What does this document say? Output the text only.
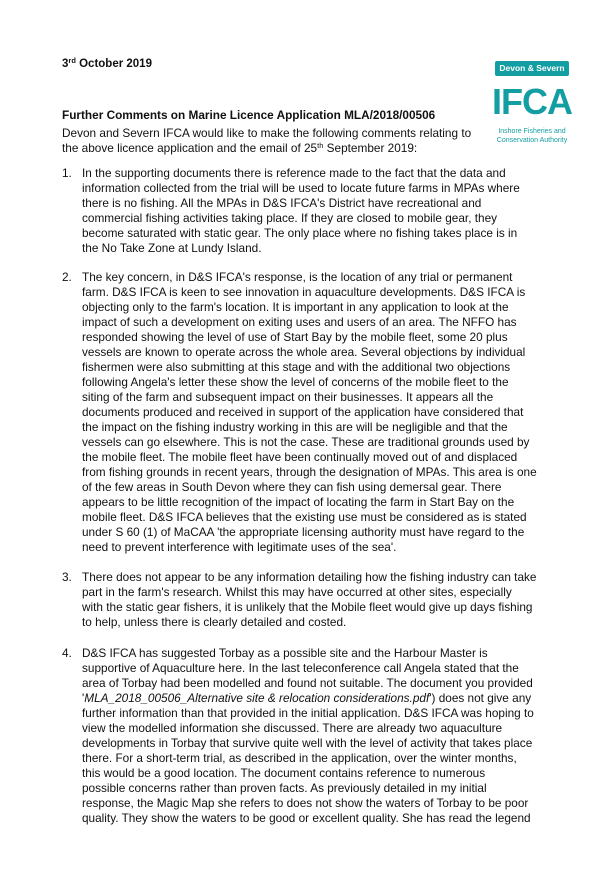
3rd October 2019	Devon & Severn
IFCA
Inshore Fisheries and
Conservation Authority
Further Comments on Marine Licence Application MLA/2018/00506
Devon and Severn IFCA would like to make the following comments relating to
the above licence application and the email of 25th September 2019:
1. In the supporting documents there is reference made to the fact that the data and
information collected from the trial will be used to locate future farms in MPAs where
there is no fishing. All the MPAs in D&S IFCA's District have recreational and
commercial fishing activities taking place. If they are closed to mobile gear, they
become saturated with static gear. The only place where no fishing takes place is in
the No Take Zone at Lundy Island.
2. The key concern, in D&S IFCA's response, is the location of any trial or permanent
farm. D&S IFCA is keen to see innovation in aquaculture developments. D&S IFCA is
objecting only to the farm's location. It is important in any application to look at the
impact of such a development on exiting uses and users of an area. The NFFO has
responded showing the level of use of Start Bay by the mobile fleet, some 20 plus
vessels are known to operate across the whole area. Several objections by individual
fishermen were also submitting at this stage and with the additional two objections
following Angela's letter these show the level of concerns of the mobile fleet to the
siting of the farm and subsequent impact on their businesses. It appears all the
documents produced and received in support of the application have considered that
the impact on the fishing industry working in this are will be negligible and that the
vessels can go elsewhere. This is not the case. These are traditional grounds used by
the mobile fleet. The mobile fleet have been continually moved out of and displaced
from fishing grounds in recent years, through the designation of MPAs. This area is one
of the few areas in South Devon where they can fish using demersal gear. There
appears to be little recognition of the impact of locating the farm in Start Bay on the
mobile fleet. D&S IFCA believes that the existing use must be considered as is stated
under S 60 (1) of MaCAA 'the appropriate licensing authority must have regard to the
need to prevent interference with legitimate uses of the sea'.
3. There does not appear to be any information detailing how the fishing industry can take
part in the farm's research. Whilst this may have occurred at other sites, especially
with the static gear fishers, it is unlikely that the Mobile fleet would give up days fishing
to help, unless there is clearly detailed and costed.
4. D&S IFCA has suggested Torbay as a possible site and the Harbour Master is
supportive of Aquaculture here. In the last teleconference call Angela stated that the
area of Torbay had been modelled and found not suitable. The document you provided
'MLA_2018_00506_Alternative site & relocation considerations.pdf') does not give any
further information than that provided in the initial application. D&S IFCA was hoping to
view the modelled information she discussed. There are already two aquaculture
developments in Torbay that survive quite well with the level of activity that takes place
there. For a short-term trial, as described in the application, over the winter months,
this would be a good location. The document contains reference to numerous
possible concerns rather than proven facts. As previously detailed in my initial
response, the Magic Map she refers to does not show the waters of Torbay to be poor
quality. They show the waters to be good or excellent quality. She has read the legend
